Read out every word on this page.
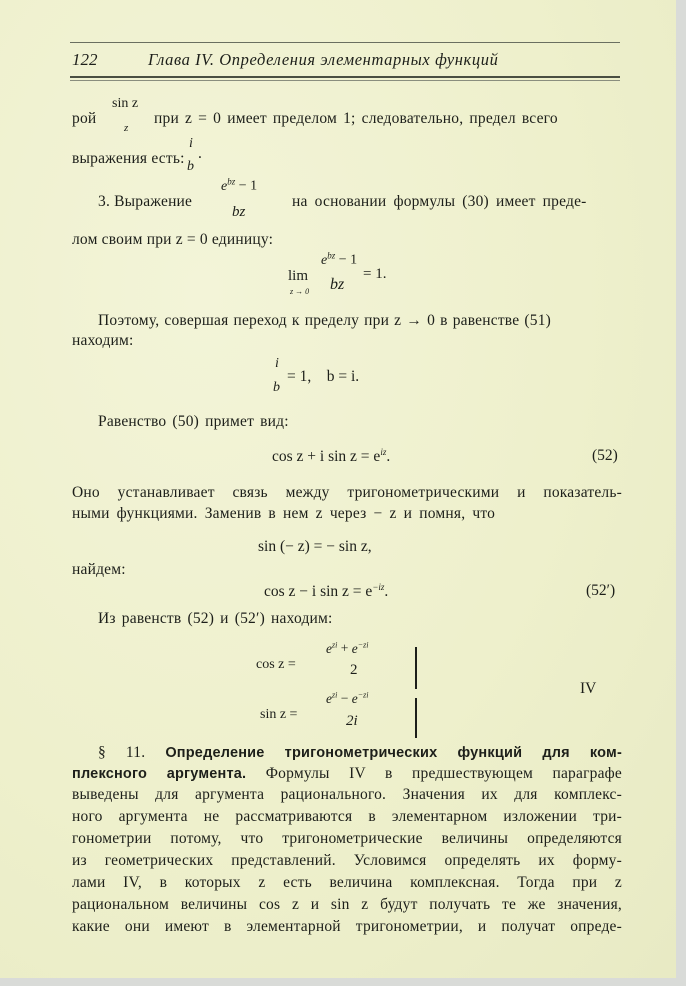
122	Глава IV. Определения элементарных функций
рой
sin z
z
при z = 0 имеет пределом 1; следовательно, предел всего
выражения есть:
i
b
.
3. Выражение
$e^{bz} - 1$
bz
на основании формулы (30) имеет преде-
лом своим при z = 0 единицу:
lim
z → 0
$e^{bz} - 1$
bz
= 1.
Поэтому, совершая переход к пределу при z → 0 в равенстве (51)
находим:
i
b
= 1,    b = i.
Равенство (50) примет вид:
cos z + i $\sin z = e^{iz}$.	(52)
Оно устанавливает связь между тригонометрическими и показатель-
ными функциями. Заменив в нем z через − z и помня, что
sin (− z) = − sin z,
найдем:
cos z − i $\sin z = e^{-iz}$.	(52′)
Из равенств (52) и (52′) находим:
cos z =
$e^{zi} + e^{-zi}$
2
sin z =
$e^{zi} - e^{-zi}$
2i
IV
§ 11. Определение тригонометрических функций для ком-
плексного аргумента. Формулы IV в предшествующем параграфе
выведены для аргумента рационального. Значения их для комплекс-
ного аргумента не рассматриваются в элементарном изложении три-
гонометрии потому, что тригонометрические величины определяются
из геометрических представлений. Условимся определять их форму-
лами IV, в которых z есть величина комплексная. Тогда при z
рациональном величины cos z и sin z будут получать те же значения,
какие они имеют в элементарной тригонометрии, и получат опреде-
